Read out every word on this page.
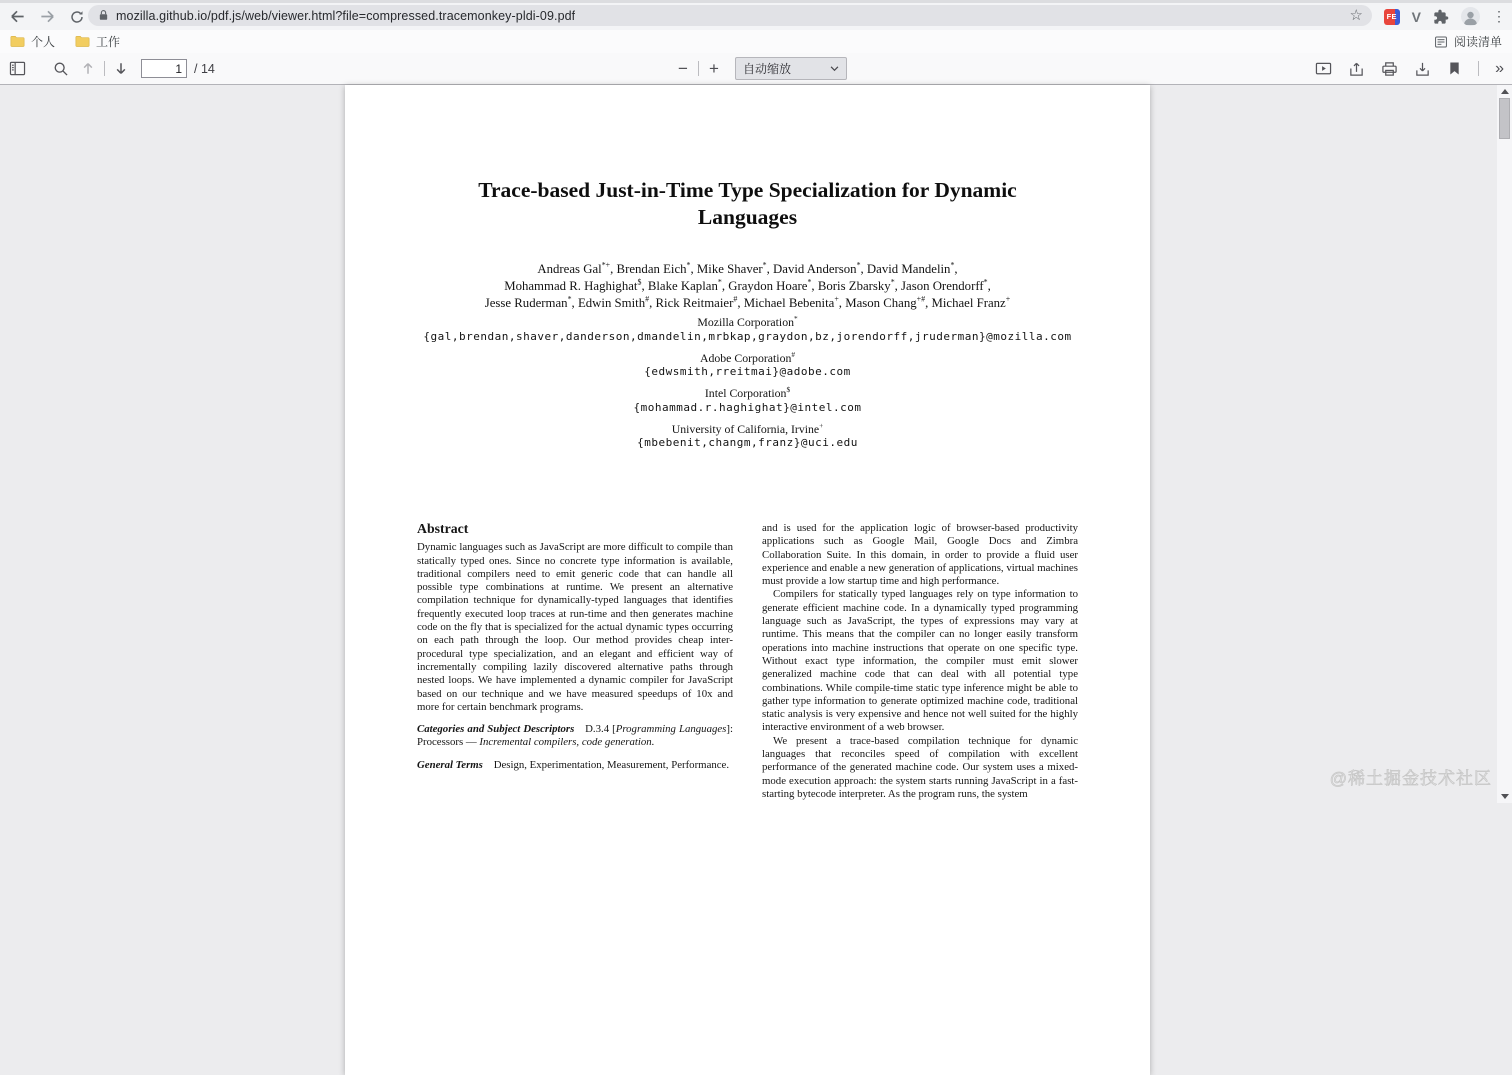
mozilla.github.io/pdf.js/web/viewer.html?file=compressed.tracemonkey-pldi-09.pdf	☆	FE V	⋮
个人	工作	阅读清单
1
/ 14	−	+	自动缩放	»
Trace-based Just-in-Time Type Specialization for Dynamic Languages
Andreas Gal*+, Brendan Eich*, Mike Shaver*, David Anderson*, David Mandelin*,
Mohammad R. Haghighat$, Blake Kaplan*, Graydon Hoare*, Boris Zbarsky*, Jason Orendorff*,
Jesse Ruderman*, Edwin Smith#, Rick Reitmaier#, Michael Bebenita+, Mason Chang+#, Michael Franz+
Mozilla Corporation*
{gal,brendan,shaver,danderson,dmandelin,mrbkap,graydon,bz,jorendorff,jruderman}@mozilla.com
Adobe Corporation#
{edwsmith,rreitmai}@adobe.com
Intel Corporation$
{mohammad.r.haghighat}@intel.com
University of California, Irvine+
{mbebenit,changm,franz}@uci.edu
Abstract

Dynamic languages such as JavaScript are more difficult to compile than statically typed ones. Since no concrete type information is available, traditional compilers need to emit generic code that can handle all possible type combinations at runtime. We present an alternative compilation technique for dynamically-typed languages that identifies frequently executed loop traces at run-time and then generates machine code on the fly that is specialized for the actual dynamic types occurring on each path through the loop. Our method provides cheap inter-procedural type specialization, and an elegant and efficient way of incrementally compiling lazily discovered alternative paths through nested loops. We have implemented a dynamic compiler for JavaScript based on our technique and we have measured speedups of 10x and more for certain benchmark programs.

Categories and Subject Descriptors D.3.4 [Programming Languages]: Processors — Incremental compilers, code generation.

General Terms Design, Experimentation, Measurement, Performance.

and is used for the application logic of browser-based productivity applications such as Google Mail, Google Docs and Zimbra Collaboration Suite. In this domain, in order to provide a fluid user experience and enable a new generation of applications, virtual machines must provide a low startup time and high performance.

Compilers for statically typed languages rely on type information to generate efficient machine code. In a dynamically typed programming language such as JavaScript, the types of expressions may vary at runtime. This means that the compiler can no longer easily transform operations into machine instructions that operate on one specific type. Without exact type information, the compiler must emit slower generalized machine code that can deal with all potential type combinations. While compile-time static type inference might be able to gather type information to generate optimized machine code, traditional static analysis is very expensive and hence not well suited for the highly interactive environment of a web browser.

We present a trace-based compilation technique for dynamic languages that reconciles speed of compilation with excellent performance of the generated machine code. Our system uses a mixed-mode execution approach: the system starts running JavaScript in a fast-starting bytecode interpreter. As the program runs, the system

@稀土掘金技术社区
